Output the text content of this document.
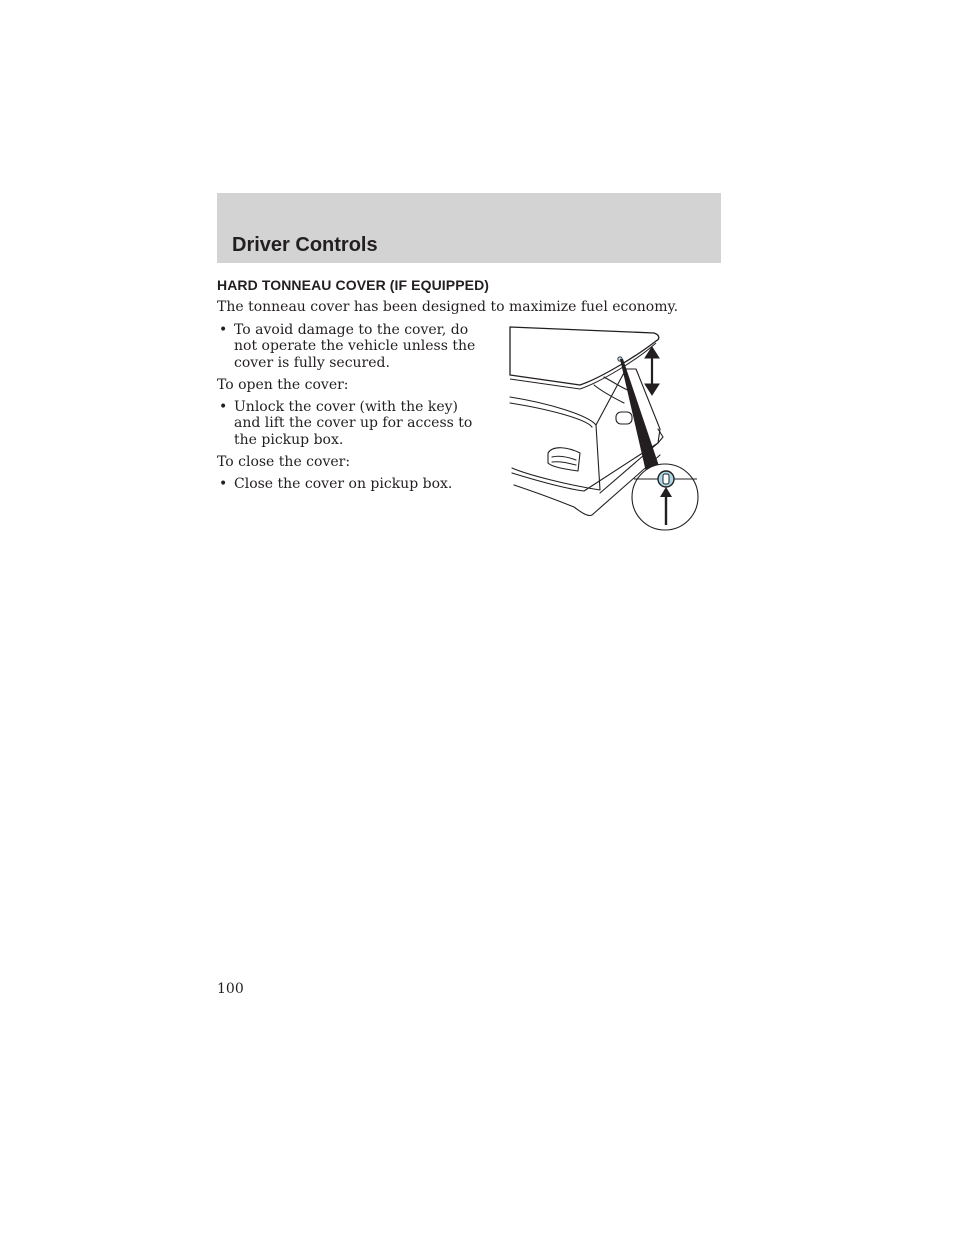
Driver Controls
HARD TONNEAU COVER (IF EQUIPPED)

The tonneau cover has been designed to maximize fuel economy.

• To avoid damage to the cover, do not operate the vehicle unless the cover is fully secured.

To open the cover:

• Unlock the cover (with the key) and lift the cover up for access to the pickup box.

To close the cover:

• Close the cover on pickup box.

100
